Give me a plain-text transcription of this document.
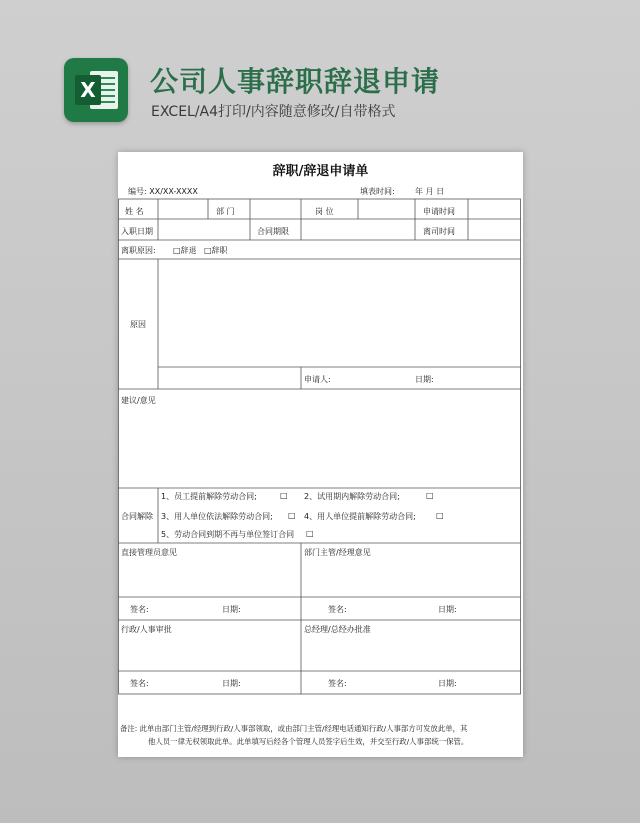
X 公司人事辞职辞退申请
EXCEL/A4打印/内容随意修改/自带格式
辞职/辞退申请单
编号: XX/XX-XXXX	填表时间:	年 月 日
姓 名	部 门	岗 位	申请时间
入职日期	合同期限	离司时间
离职原因: □辞退 □辞职
原因
申请人:	日期:
建议/意见
合同解除
1、员工提前解除劳动合同;	□ 2、试用期内解除劳动合同;	□
3、用人单位依法解除劳动合同; □ 4、用人单位提前解除劳动合同;	□
5、劳动合同到期不再与单位签订合同 □
直接管理员意见	部门主管/经理意见
签名:	日期:	签名:	日期:
行政/人事审批	总经理/总经办批准
签名:	日期:	签名:	日期:
备注: 此单由部门主管/经理到行政/人事部领取，或由部门主管/经理电话通知行政/人事部方可发放此单，其
他人员一律无权领取此单。此单填写后经各个管理人员签字后生效，并交至行政/人事部统一保管。
